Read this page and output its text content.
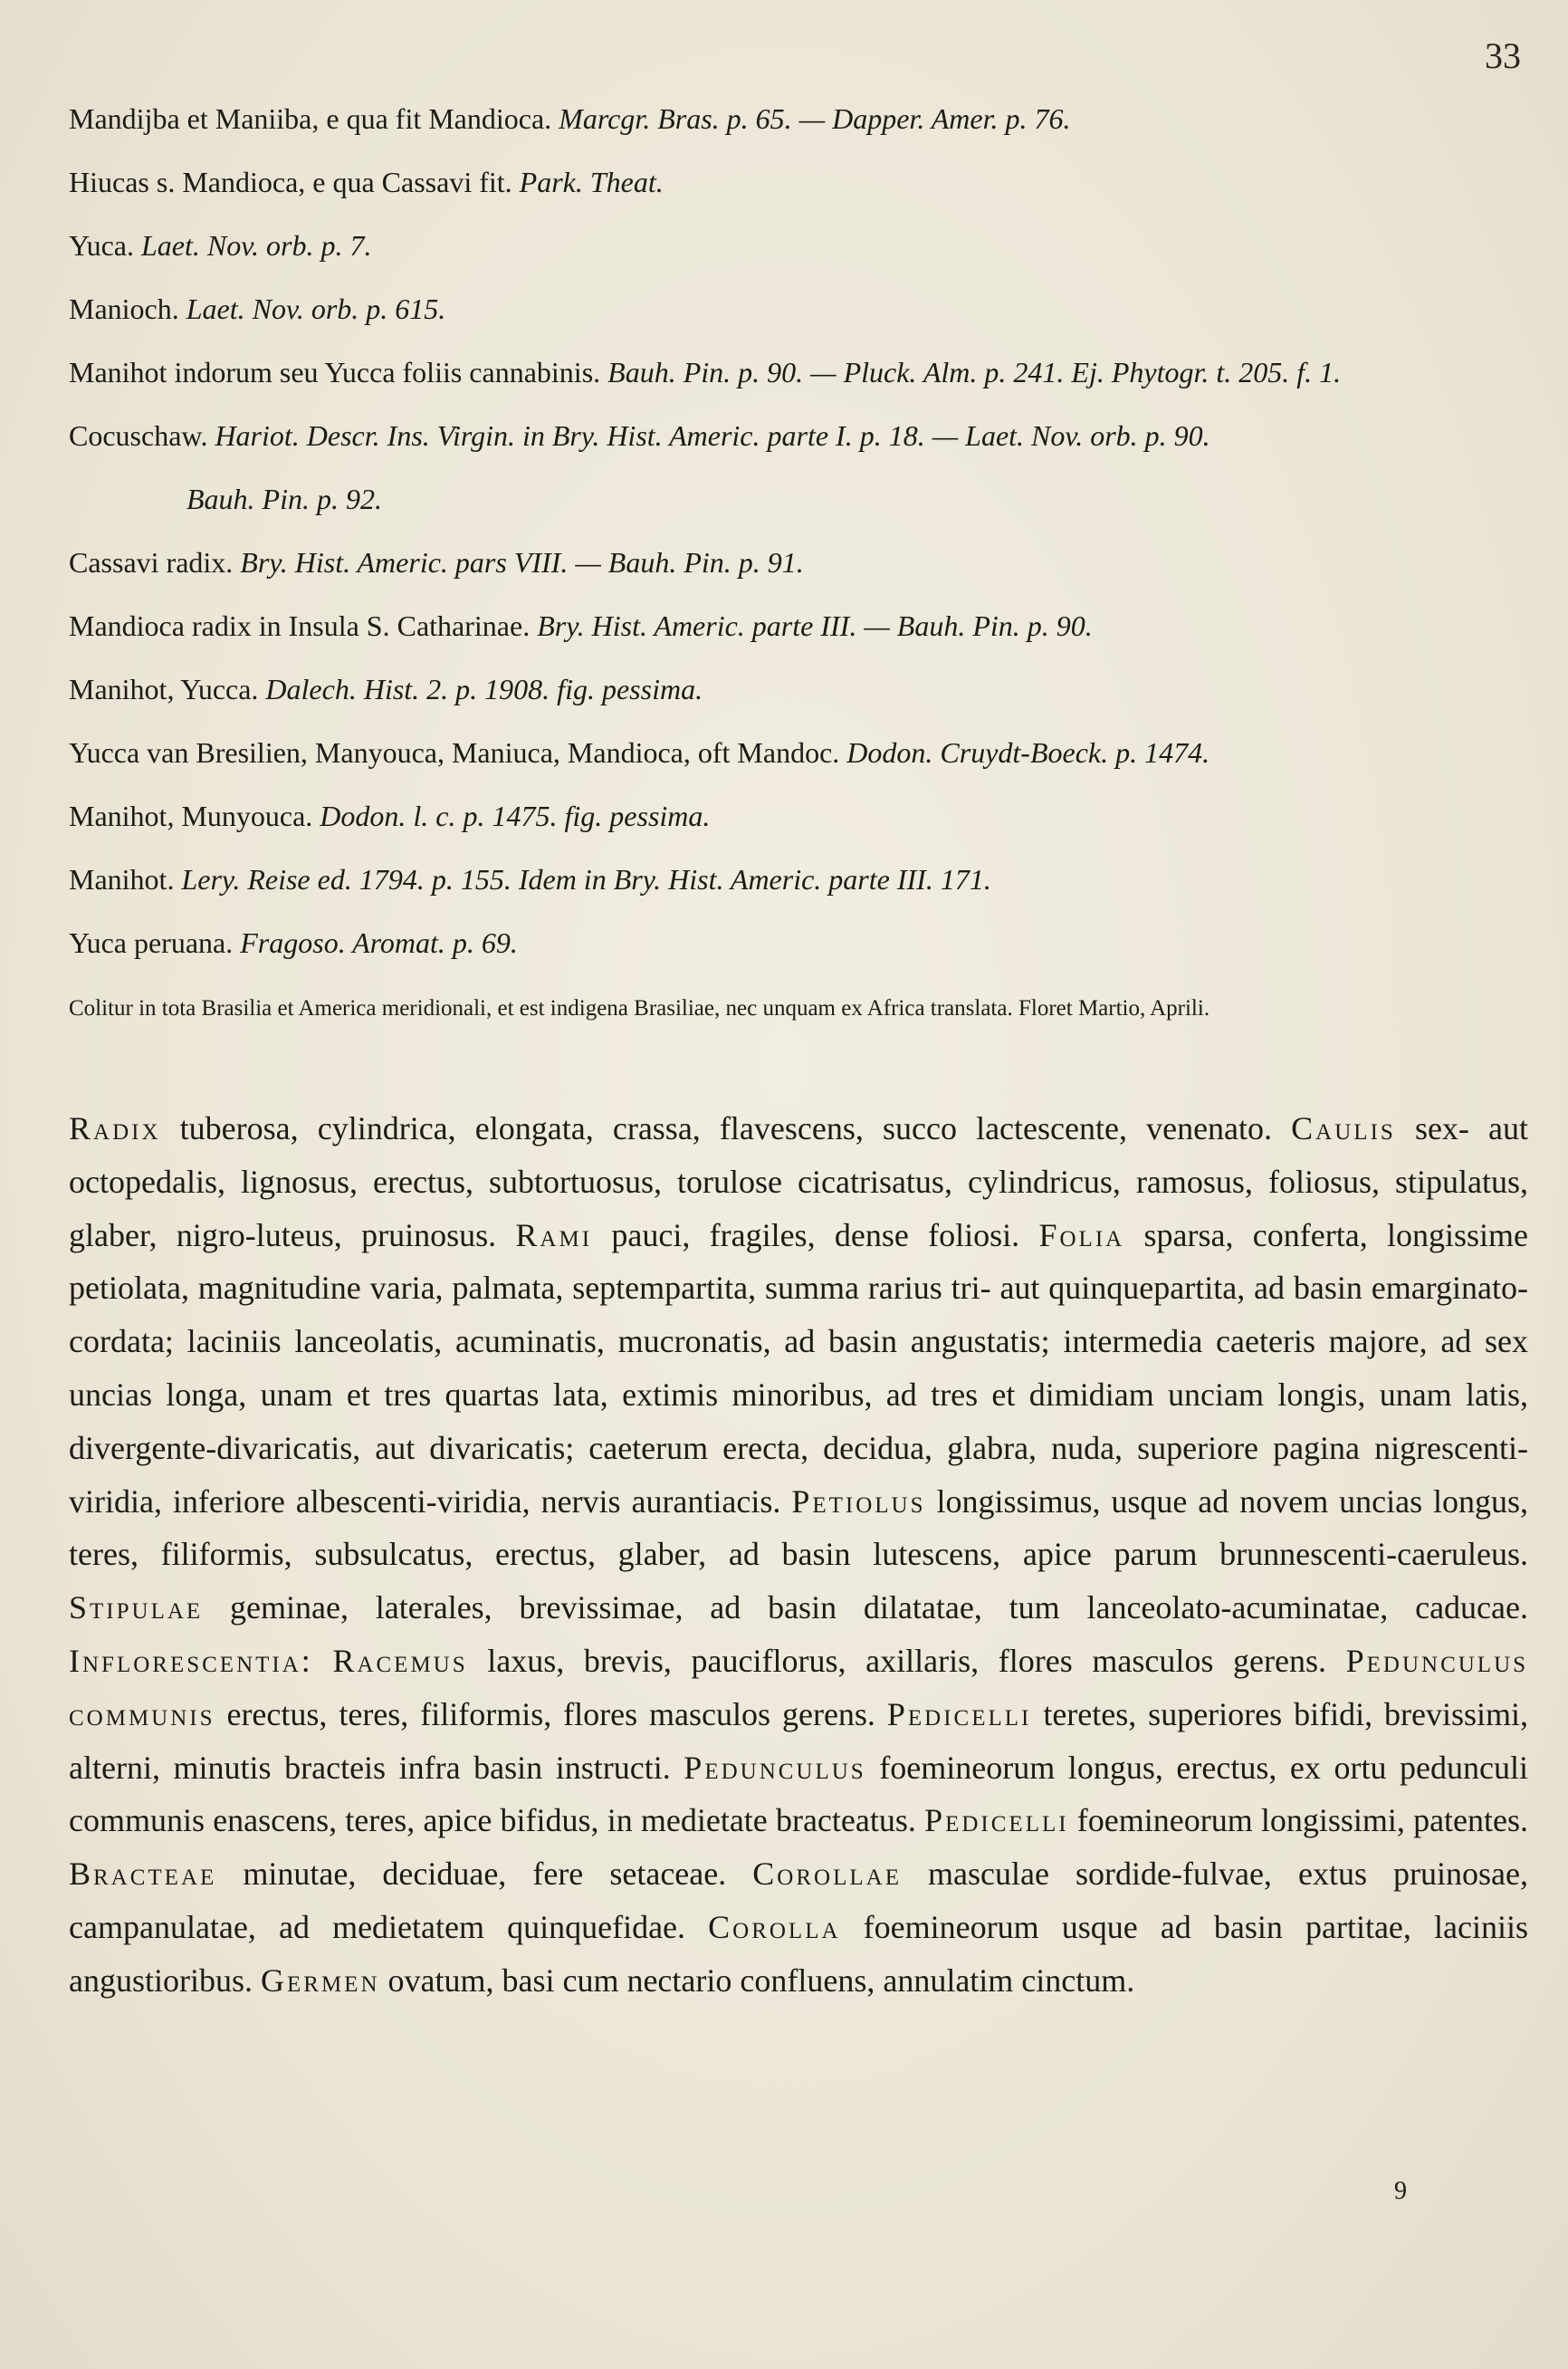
33
Mandijba et Maniiba, e qua fit Mandioca. Marcgr. Bras. p. 65. — Dapper. Amer. p. 76.
Hiucas s. Mandioca, e qua Cassavi fit. Park. Theat.
Yuca. Laet. Nov. orb. p. 7.
Manioch. Laet. Nov. orb. p. 615.
Manihot indorum seu Yucca foliis cannabinis. Bauh. Pin. p. 90. — Pluck. Alm. p. 241. Ej. Phytogr. t. 205. f. 1.
Cocuschaw. Hariot. Descr. Ins. Virgin. in Bry. Hist. Americ. parte I. p. 18. — Laet. Nov. orb. p. 90.
Bauh. Pin. p. 92.
Cassavi radix. Bry. Hist. Americ. pars VIII. — Bauh. Pin. p. 91.
Mandioca radix in Insula S. Catharinae. Bry. Hist. Americ. parte III. — Bauh. Pin. p. 90.
Manihot, Yucca. Dalech. Hist. 2. p. 1908. fig. pessima.
Yucca van Bresilien, Manyouca, Maniuca, Mandioca, oft Mandoc. Dodon. Cruydt-Boeck. p. 1474.
Manihot, Munyouca. Dodon. l. c. p. 1475. fig. pessima.
Manihot. Lery. Reise ed. 1794. p. 155. Idem in Bry. Hist. Americ. parte III. 171.
Yuca peruana. Fragoso. Aromat. p. 69.
Colitur in tota Brasilia et America meridionali, et est indigena Brasiliae, nec unquam ex Africa translata. Floret Martio, Aprili.
Radix tuberosa, cylindrica, elongata, crassa, flavescens, succo lactescente, venenato. Caulis sex- aut octopedalis, lignosus, erectus, subtortuosus, torulose cicatrisatus, cylindricus, ramosus, foliosus, stipulatus, glaber, nigro-luteus, pruinosus. Rami pauci, fragiles, dense foliosi. Folia sparsa, conferta, longissime petiolata, magnitudine varia, palmata, septempartita, summa rarius tri- aut quinquepartita, ad basin emarginato-cordata; laciniis lanceolatis, acuminatis, mucronatis, ad basin angustatis; intermedia caeteris majore, ad sex uncias longa, unam et tres quartas lata, extimis minoribus, ad tres et dimidiam unciam longis, unam latis, divergente-divaricatis, aut divaricatis; caeterum erecta, decidua, glabra, nuda, superiore pagina nigrescenti-viridia, inferiore albescenti-viridia, nervis aurantiacis. Petiolus longissimus, usque ad novem uncias longus, teres, filiformis, subsulcatus, erectus, glaber, ad basin lutescens, apice parum brunnescenti-caeruleus. Stipulae geminae, laterales, brevissimae, ad basin dilatatae, tum lanceolato-acuminatae, caducae. Inflorescentia: Racemus laxus, brevis, pauciflorus, axillaris, flores masculos gerens. Pedunculus communis erectus, teres, filiformis, flores masculos gerens. Pedicelli teretes, superiores bifidi, brevissimi, alterni, minutis bracteis infra basin instructi. Pedunculus foemineorum longus, erectus, ex ortu pedunculi communis enascens, teres, apice bifidus, in medietate bracteatus. Pedicelli foemineorum longissimi, patentes. Bracteae minutae, deciduae, fere setaceae. Corollae masculae sordide-fulvae, extus pruinosae, campanulatae, ad medietatem quinquefidae. Corolla foemineorum usque ad basin partitae, laciniis angustioribus. Germen ovatum, basi cum nectario confluens, annulatim cinctum.
9
